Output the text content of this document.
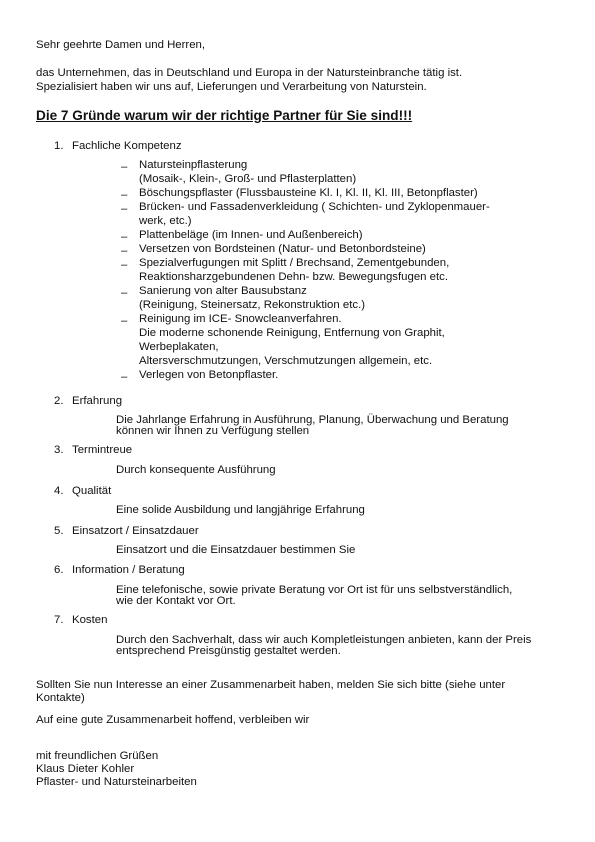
Sehr geehrte Damen und Herren,

das Unternehmen, das in Deutschland und Europa in der Natursteinbranche tätig ist.

Spezialisiert haben wir uns auf, Lieferungen und Verarbeitung von Naturstein.

Die 7 Gründe warum wir der richtige Partner für Sie sind!!!
1. Fachliche Kompetenz
– Natursteinpflasterung
(Mosaik-, Klein-, Groß- und Pflasterplatten)
– Böschungspflaster (Flussbausteine Kl. I, Kl. II, Kl. III, Betonpflaster)
– Brücken- und Fassadenverkleidung ( Schichten- und Zyklopenmauer-
werk, etc.)
– Plattenbeläge (im Innen- und Außenbereich)
– Versetzen von Bordsteinen (Natur- und Betonbordsteine)
– Spezialverfugungen mit Splitt / Brechsand, Zementgebunden,
Reaktionsharzgebundenen Dehn- bzw. Bewegungsfugen etc.
– Sanierung von alter Bausubstanz
(Reinigung, Steinersatz, Rekonstruktion etc.)
– Reinigung im ICE- Snowcleanverfahren.
Die moderne schonende Reinigung, Entfernung von Graphit,
Werbeplakaten,
Altersverschmutzungen, Verschmutzungen allgemein, etc.
– Verlegen von Betonpflaster.
2. Erfahrung
Die Jahrlange Erfahrung in Ausführung, Planung, Überwachung und Beratung
können wir Ihnen zu Verfügung stellen
3. Termintreue
Durch konsequente Ausführung
4. Qualität
Eine solide Ausbildung und langjährige Erfahrung
5. Einsatzort / Einsatzdauer
Einsatzort und die Einsatzdauer bestimmen Sie
6. Information / Beratung
Eine telefonische, sowie private Beratung vor Ort ist für uns selbstverständlich,
wie der Kontakt vor Ort.
7. Kosten
Durch den Sachverhalt, dass wir auch Kompletleistungen anbieten, kann der Preis
entsprechend Preisgünstig gestaltet werden.

Sollten Sie nun Interesse an einer Zusammenarbeit haben, melden Sie sich bitte (siehe unter

Kontakte)

Auf eine gute Zusammenarbeit hoffend, verbleiben wir

mit freundlichen Grüßen

Klaus Dieter Kohler

Pflaster- und Natursteinarbeiten
